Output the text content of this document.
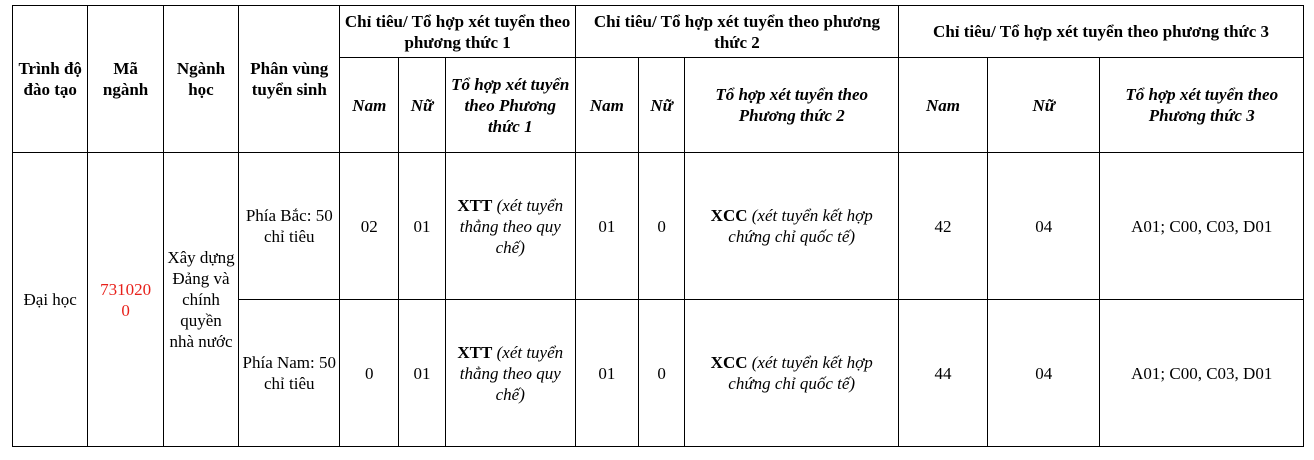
Trình độ đào tạo	Mã ngành	Ngành học	Phân vùng tuyển sinh	Chỉ tiêu/ Tổ hợp xét tuyển theo phương thức 1			Chỉ tiêu/ Tổ hợp xét tuyển theo phương thức 2			Chỉ tiêu/ Tổ hợp xét tuyển theo phương thức 3		
				Nam	Nữ	Tổ hợp xét tuyển theo Phương thức 1	Nam	Nữ	Tổ hợp xét tuyển theo Phương thức 2	Nam	Nữ	Tổ hợp xét tuyển theo Phương thức 3
Đại học	7310200	Xây dựng Đảng và chính quyền nhà nước	Phía Bắc: 50 chỉ tiêu	02	01	XTT (xét tuyển thẳng theo quy chế)	01	0	XCC (xét tuyển kết hợp chứng chỉ quốc tế)	42	04	A01; C00, C03, D01
			Phía Nam: 50 chỉ tiêu	0	01	XTT (xét tuyển thẳng theo quy chế)	01	0	XCC (xét tuyển kết hợp chứng chỉ quốc tế)	44	04	A01; C00, C03, D01
